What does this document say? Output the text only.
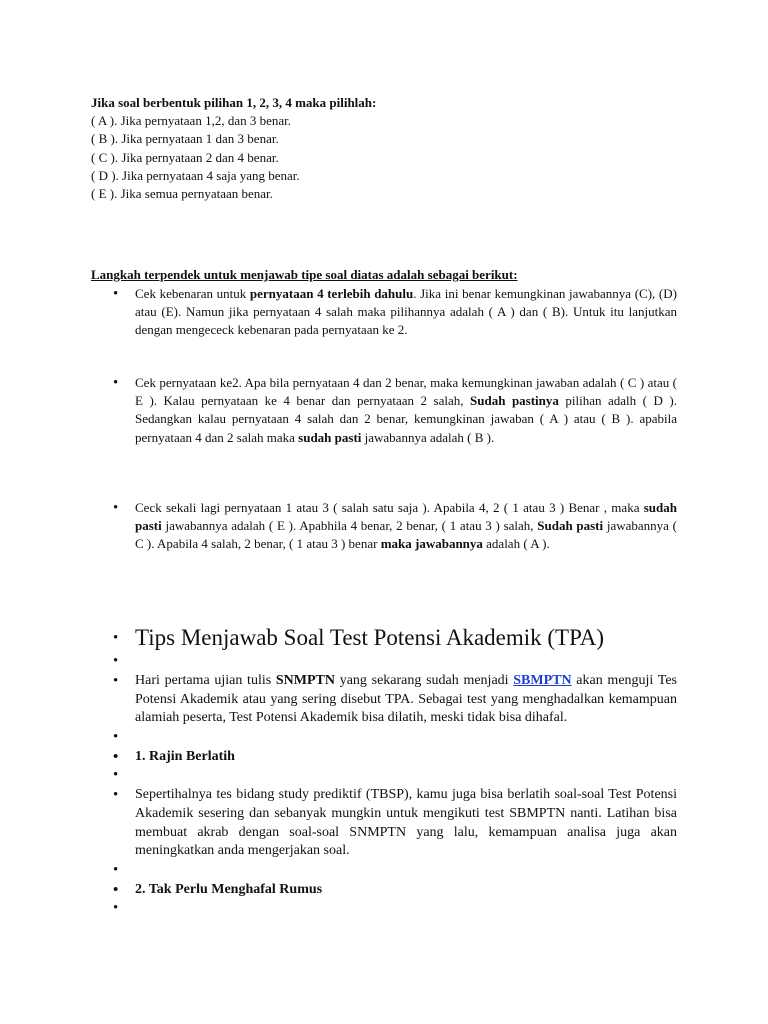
Jika soal berbentuk pilihan 1, 2, 3, 4 maka pilihlah:
( A ). Jika pernyataan 1,2, dan 3 benar.
( B ). Jika pernyataan 1 dan 3 benar.
( C ). Jika pernyataan 2 dan 4 benar.
( D ). Jika pernyataan 4 saja yang benar.
( E ). Jika semua pernyataan benar.
Langkah terpendek untuk menjawab tipe soal diatas adalah sebagai berikut:
• Cek kebenaran untuk pernyataan 4 terlebih dahulu. Jika ini benar kemungkinan jawabannya (C), (D) atau (E). Namun jika pernyataan 4 salah maka pilihannya adalah ( A ) dan ( B). Untuk itu lanjutkan dengan mengececk kebenaran pada pernyataan ke 2.
• Cek pernyataan ke2. Apa bila pernyataan 4 dan 2 benar, maka kemungkinan jawaban adalah ( C ) atau ( E ). Kalau pernyataan ke 4 benar dan pernyataan 2 salah, Sudah pastinya pilihan adalh ( D ). Sedangkan kalau pernyataan 4 salah dan 2 benar, kemungkinan jawaban ( A ) atau ( B ). apabila pernyataan 4 dan 2 salah maka sudah pasti jawabannya adalah ( B ).
• Ceck sekali lagi pernyataan 1 atau 3 ( salah satu saja ). Apabila 4, 2 ( 1 atau 3 ) Benar , maka sudah pasti jawabannya adalah ( E ). Apabhila 4 benar, 2 benar, ( 1 atau 3 ) salah, Sudah pasti jawabannya ( C ). Apabila 4 salah, 2 benar, ( 1 atau 3 ) benar maka jawabannya adalah ( A ).
• Tips Menjawab Soal Test Potensi Akademik (TPA)
•
• Hari pertama ujian tulis SNMPTN yang sekarang sudah menjadi SBMPTN akan menguji Tes Potensi Akademik atau yang sering disebut TPA. Sebagai test yang menghadalkan kemampuan alamiah peserta, Test Potensi Akademik bisa dilatih, meski tidak bisa dihafal.
•
• 1. Rajin Berlatih
•
• Sepertihalnya tes bidang study prediktif (TBSP), kamu juga bisa berlatih soal-soal Test Potensi Akademik sesering dan sebanyak mungkin untuk mengikuti test SBMPTN nanti. Latihan bisa membuat akrab dengan soal-soal SNMPTN yang lalu, kemampuan analisa juga akan meningkatkan anda mengerjakan soal.
•
• 2. Tak Perlu Menghafal Rumus
•
